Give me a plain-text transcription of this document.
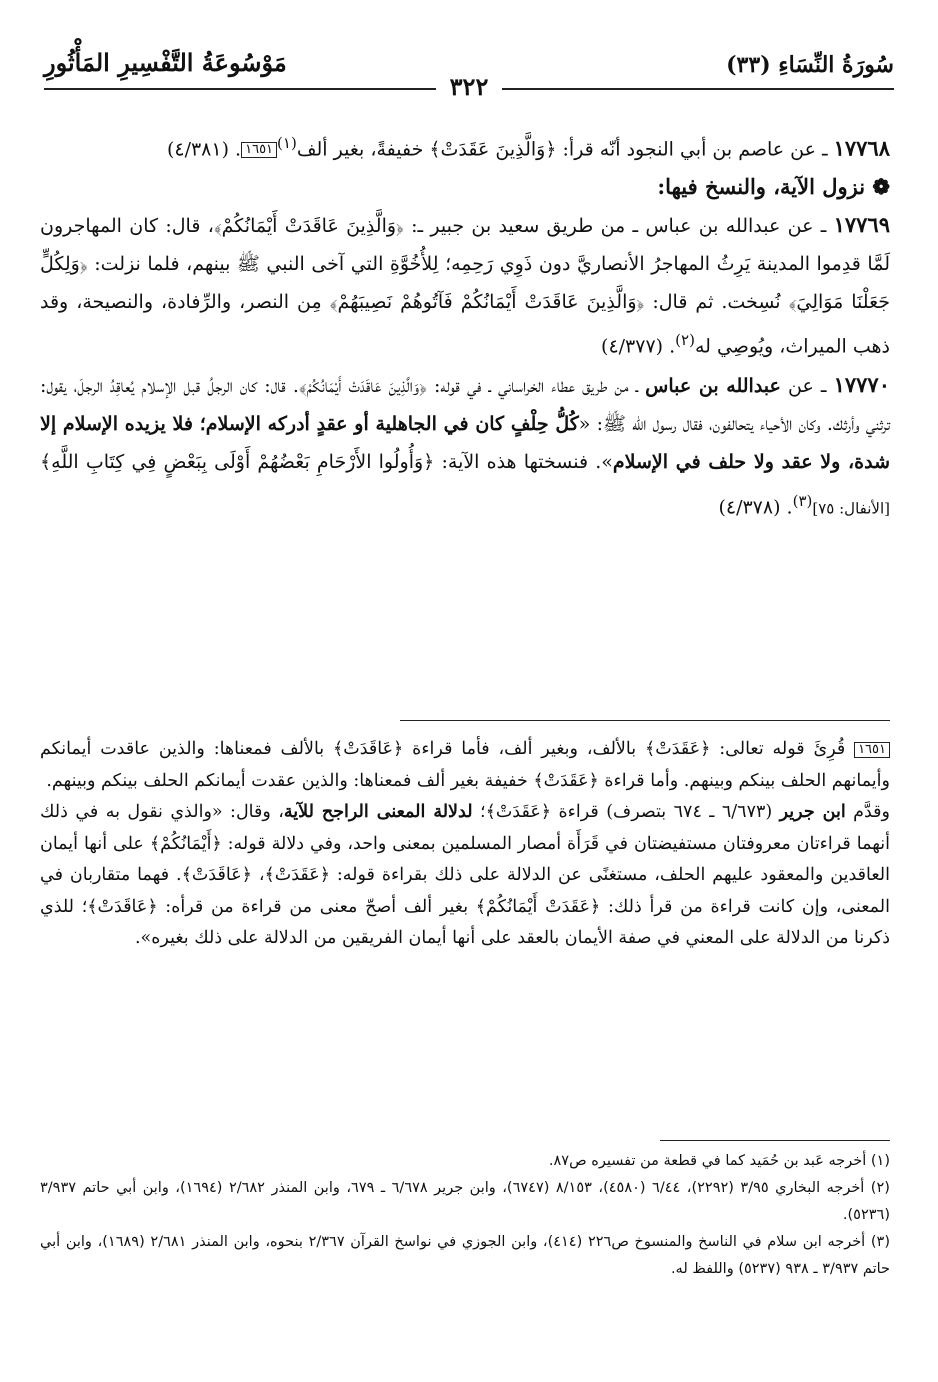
سُورَةُ النِّسَاءِ (٣٣)
مَوْسُوعَةُ التَّفْسِيرِ المَأْثُورِ
٣٢٢

١٧٧٦٨ ـ عن عاصم بن أبي النجود أنّه قرأ: ﴿وَالَّذِينَ عَقَدَتْ﴾ خفيفةً، بغير ألف$^{(١)}$١٦٥١. (٤/٣٨١)

❁ نزول الآية، والنسخ فيها:

١٧٧٦٩ ـ عن عبدالله بن عباس ـ من طريق سعيد بن جبير ـ: ﴿وَالَّذِينَ عَاقَدَتْ أَيْمَانُكُمْ﴾، قال: كان المهاجرون لَمَّا قدِموا المدينة يَرِثُ المهاجرُ الأنصاريَّ دون ذَوِي رَحِمِه؛ لِلأُخُوَّةِ التي آخى النبي ﷺ بينهم، فلما نزلت: ﴿وَلِكُلٍّ جَعَلْنَا مَوَالِيَ﴾ نُسِخت. ثم قال: ﴿وَالَّذِينَ عَاقَدَتْ أَيْمَانُكُمْ فَآتُوهُمْ نَصِيبَهُمْ﴾ مِن النصر، والرِّفادة، والنصيحة، وقد ذهب الميراث، ويُوصِي له$^{(٢)}$. (٤/٣٧٧)

١٧٧٧٠ ـ عن عبدالله بن عباس ـ من طريق عطاء الخراساني ـ في قوله: ﴿وَالَّذِينَ عَاقَدَتْ أَيْمَانُكُمْ﴾. قال: كان الرجلُ قبل الإسلام يُعاقِدُ الرجلَ، يقول: ترثني وأرثك. وكان الأحياء يتحالفون، فقال رسول الله ﷺ: «كُلُّ حِلْفٍ كان في الجاهلية أو عقدٍ أدركه الإسلام؛ فلا يزيده الإسلام إلا شدة، ولا عقد ولا حلف في الإسلام». فنسختها هذه الآية: ﴿وَأُولُوا الأَرْحَامِ بَعْضُهُمْ أَوْلَى بِبَعْضٍ فِي كِتَابِ اللَّهِ﴾ [الأنفال: ٧٥]$^{(٣)}$. (٤/٣٧٨)

١٦٥١ قُرِئَ قوله تعالى: ﴿عَقَدَتْ﴾ بالألف، وبغير ألف، فأما قراءة ﴿عَاقَدَتْ﴾ بالألف فمعناها: والذين عاقدت أيمانكم وأيمانهم الحلف بينكم وبينهم. وأما قراءة ﴿عَقَدَتْ﴾ خفيفة بغير ألف فمعناها: والذين عقدت أيمانكم الحلف بينكم وبينهم.

وقدَّم ابن جرير (٦/٦٧٣ ـ ٦٧٤ بتصرف) قراءة ﴿عَقَدَتْ﴾؛ لدلالة المعنى الراجح للآية، وقال: «والذي نقول به في ذلك أنهما قراءتان معروفتان مستفيضتان في قَرَأَة أمصار المسلمين بمعنى واحد، وفي دلالة قوله: ﴿أَيْمَانُكُمْ﴾ على أنها أيمان العاقدين والمعقود عليهم الحلف، مستغنًى عن الدلالة على ذلك بقراءة قوله: ﴿عَقَدَتْ﴾، ﴿عَاقَدَتْ﴾. فهما متقاربان في المعنى، وإن كانت قراءة من قرأ ذلك: ﴿عَقَدَتْ أَيْمَانُكُمْ﴾ بغير ألف أصحّ معنى من قراءة من قرأه: ﴿عَاقَدَتْ﴾؛ للذي ذكرنا من الدلالة على المعني في صفة الأيمان بالعقد على أنها أيمان الفريقين من الدلالة على ذلك بغيره».

(١) أخرجه عَبد بن حُمَيد كما في قطعة من تفسيره ص٨٧.

(٢) أخرجه البخاري ٣/٩٥ (٢٢٩٢)، ٦/٤٤ (٤٥٨٠)، ٨/١٥٣ (٦٧٤٧)، وابن جرير ٦/٦٧٨ ـ ٦٧٩، وابن المنذر ٢/٦٨٢ (١٦٩٤)، وابن أبي حاتم ٣/٩٣٧ (٥٢٣٦).

(٣) أخرجه ابن سلام في الناسخ والمنسوخ ص٢٢٦ (٤١٤)، وابن الجوزي في نواسخ القرآن ٢/٣٦٧ بنحوه، وابن المنذر ٢/٦٨١ (١٦٨٩)، وابن أبي حاتم ٣/٩٣٧ ـ ٩٣٨ (٥٢٣٧) واللفظ له.
